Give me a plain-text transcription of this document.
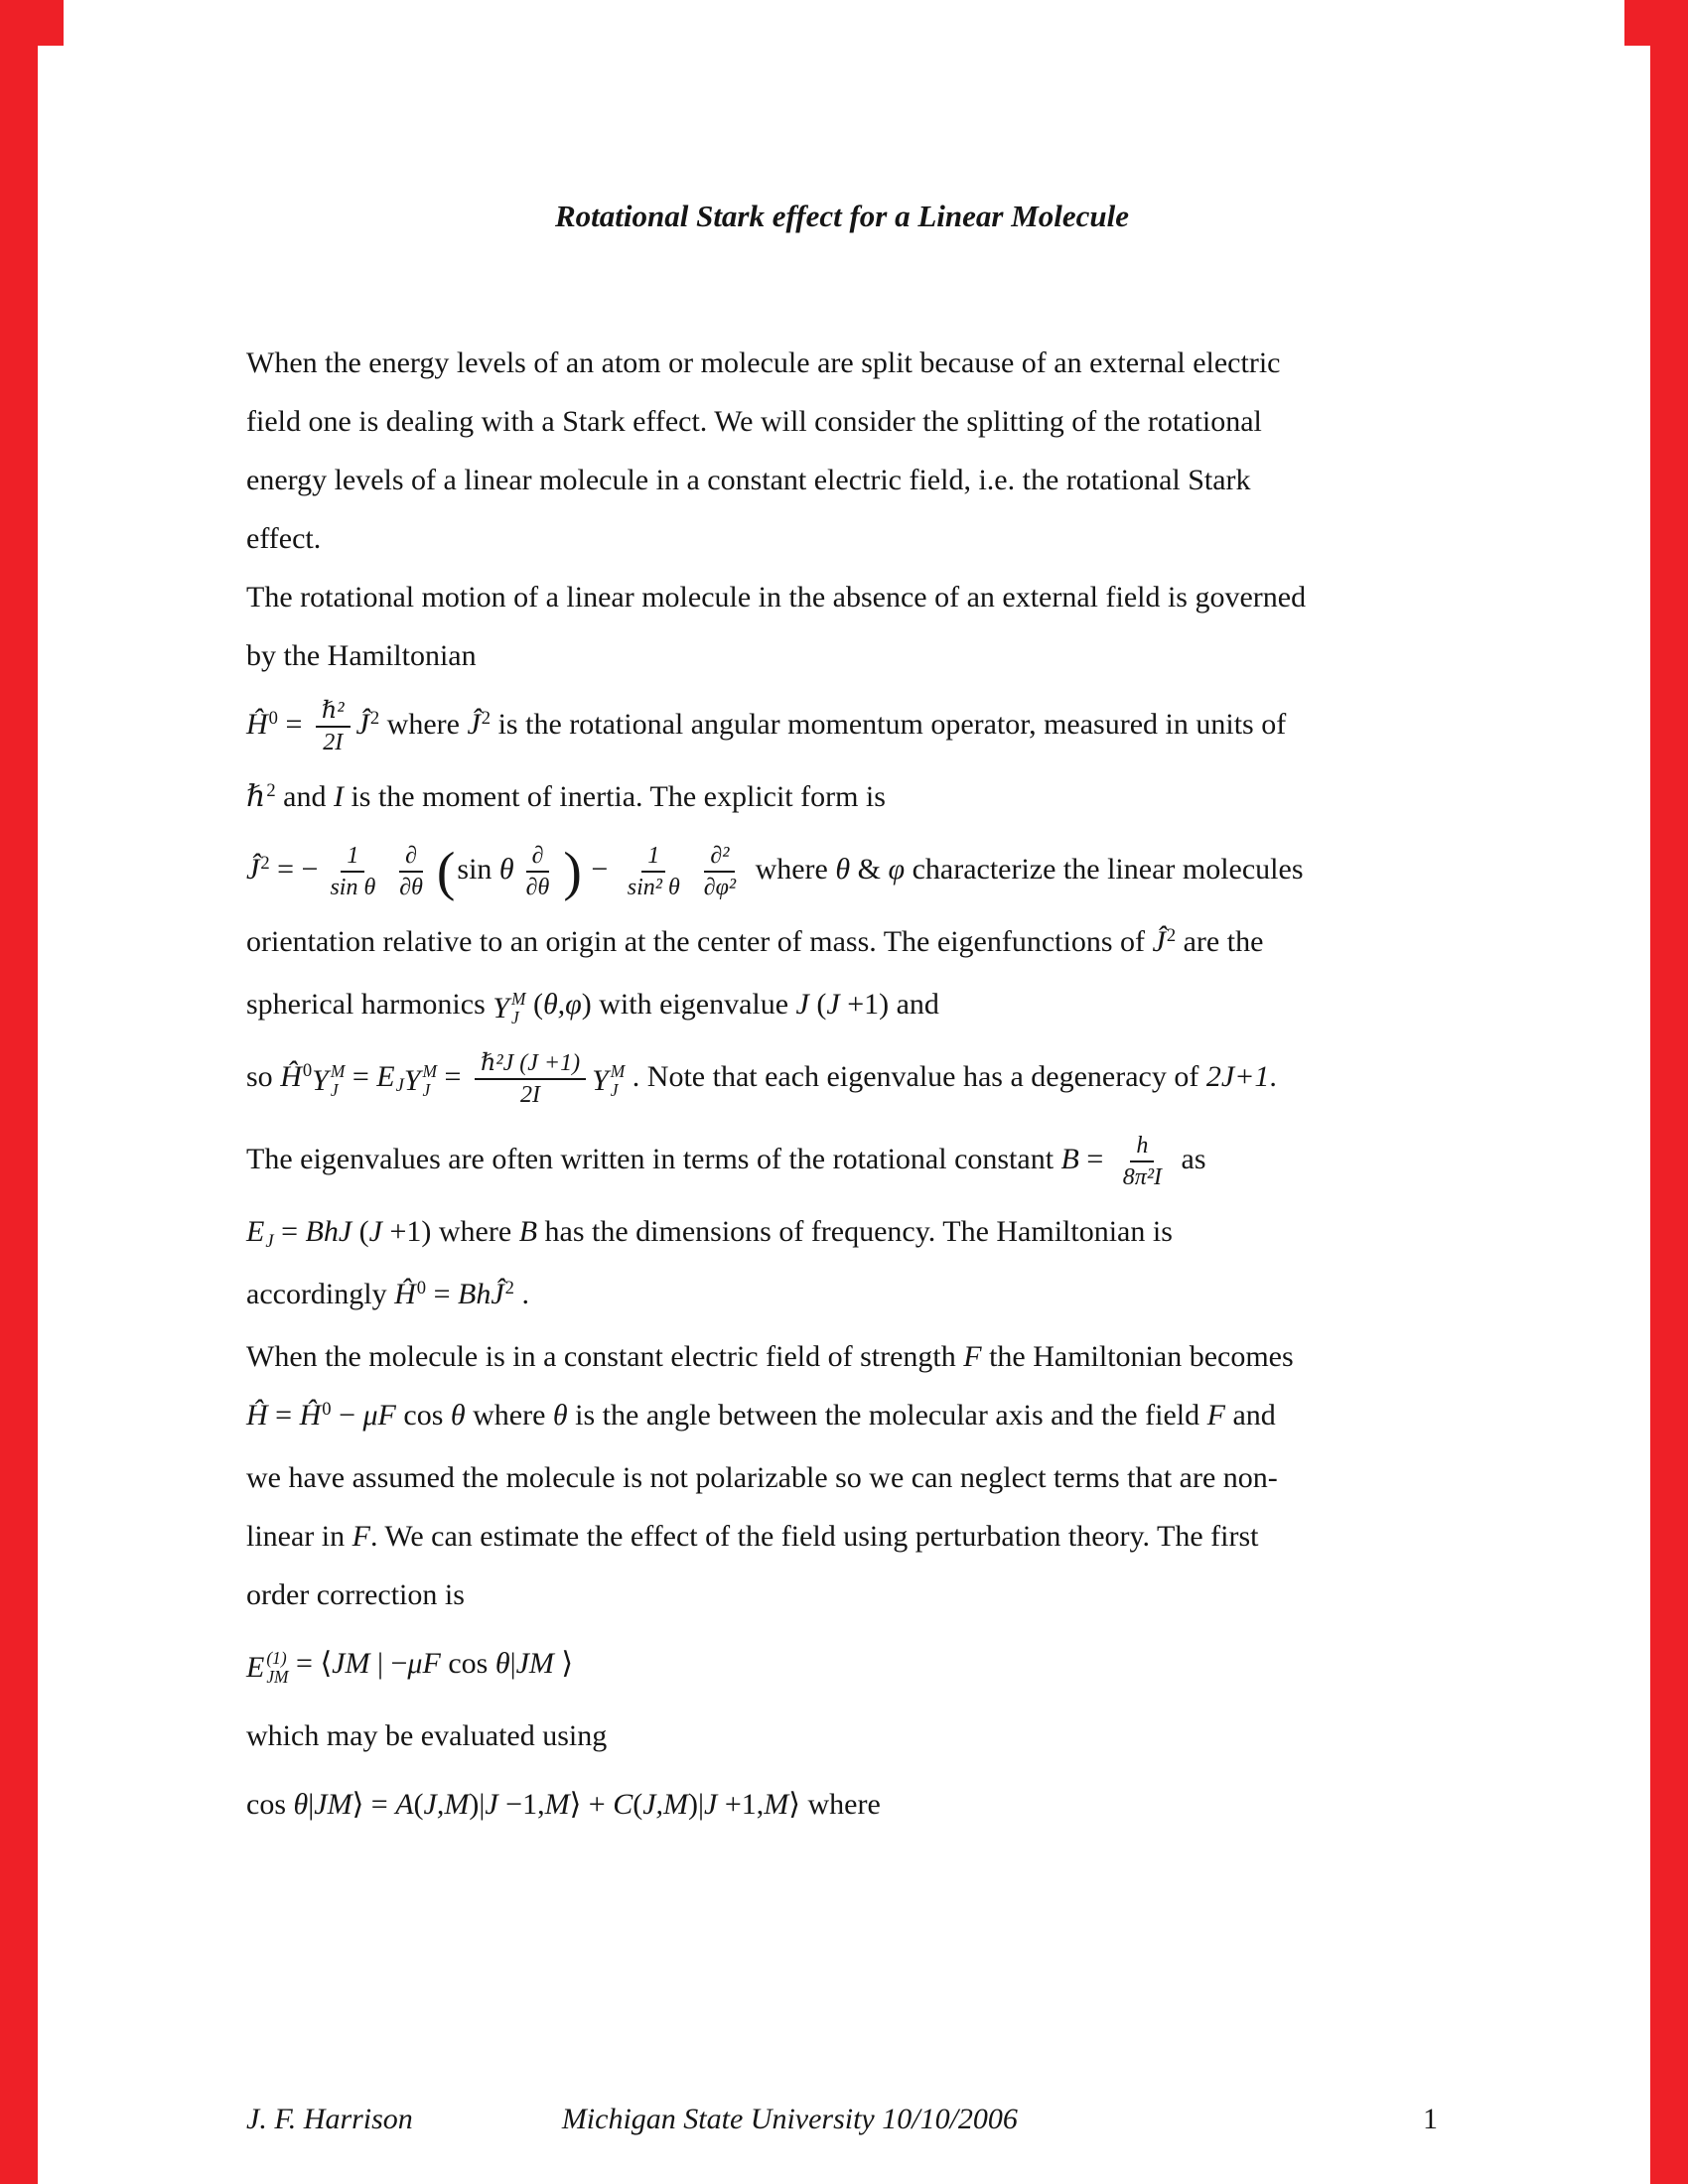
Rotational Stark effect for a Linear Molecule
When the energy levels of an atom or molecule are split because of an external electric
field one is dealing with a Stark effect. We will consider the splitting of the rotational
energy levels of a linear molecule in a constant electric field, i.e. the rotational Stark
effect.
The rotational motion of a linear molecule in the absence of an external field is governed
by the Hamiltonian
$Ĥ^0 = \frac{\text{ℏ²}}{2I}$ $Ĵ^2$ where $Ĵ^2$ is the rotational angular momentum operator, measured in units of
ℏ$^2$ and I is the moment of inertia. The explicit form is
$Ĵ^2$ = − $\frac{1}{\text{sin θ}} \frac{\partial}{\partial\theta} (\sin$ θ $\frac{\partial}{\partial\theta}$ ) − $\frac{1}{\text{sin² θ}} \frac{\text{∂²}}{\text{∂φ²}}$ where θ & φ characterize the linear molecules
orientation relative to an origin at the center of mass. The eigenfunctions of $Ĵ^2$ are the
spherical harmonics Y M
J (θ,φ) with eigenvalue J (J +1) and
so $Ĥ^0$ Y M
J = EJ Y M
$J = \frac{\text{ℏ²J (J +1)}}{2I}$ Y M
J . Note that each eigenvalue has a degeneracy of 2J+1.
The eigenvalues are often written in terms of the rotational constant $B = \frac{h}{\text{8π²I}}$ as
EJ = BhJ (J +1) where B has the dimensions of frequency. The Hamiltonian is
accordingly $Ĥ^0$ = BhĴ$^2$ .
When the molecule is in a constant electric field of strength F the Hamiltonian becomes
Ĥ = $Ĥ^0 - \mu F$ cos θ where θ is the angle between the molecular axis and the field F and
we have assumed the molecule is not polarizable so we can neglect terms that are non-
linear in F. We can estimate the effect of the field using perturbation theory. The first
order correction is
E (1)
JM = ⟨JM | −μF cos θ|JM ⟩
which may be evaluated using
cos θ|JM⟩ = A(J,M)|J −1,M⟩ + C(J,M)|J +1,M⟩ where
J. F. Harrison	Michigan State University 10/10/2006	1
